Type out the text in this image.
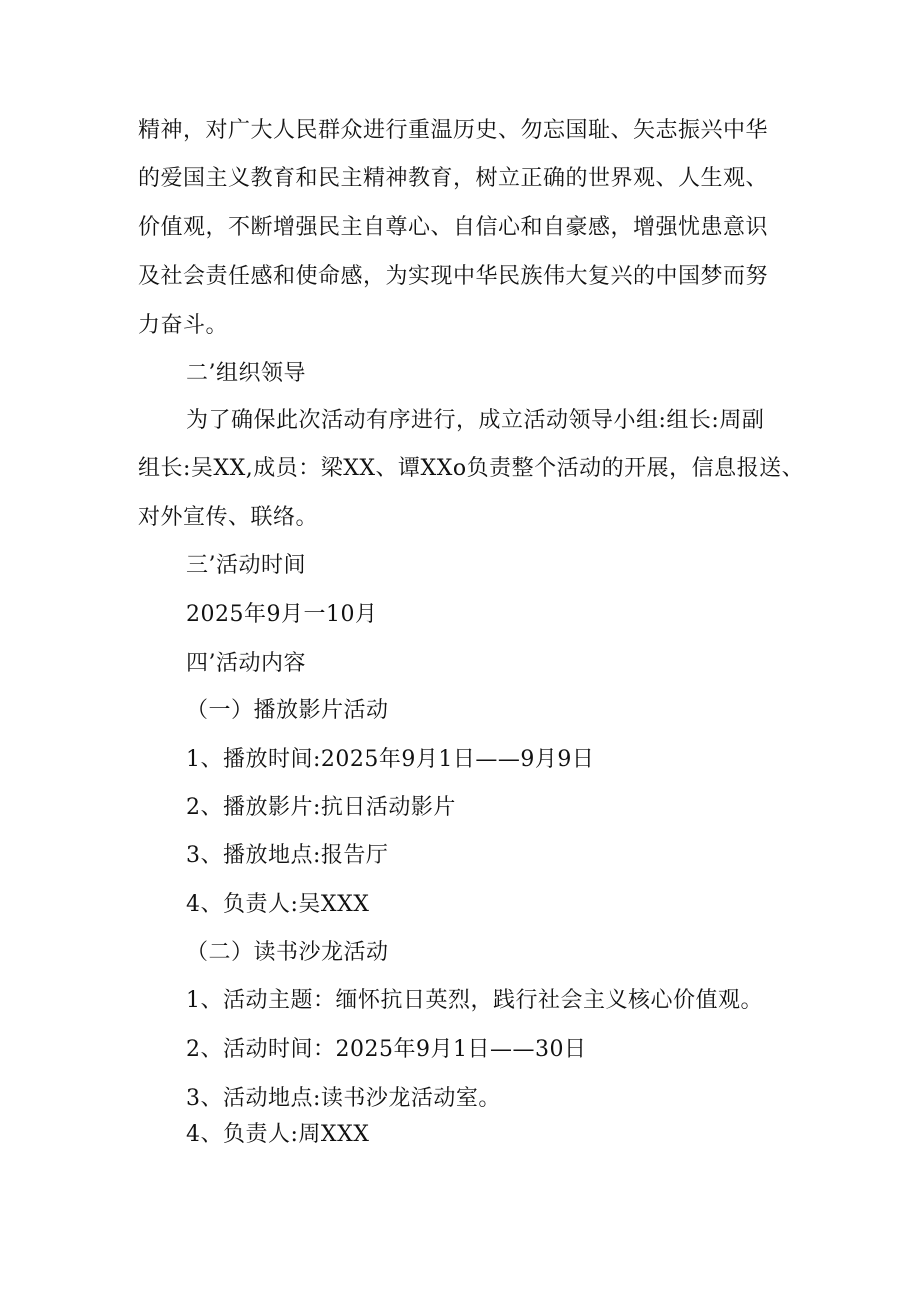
精神，对广大人民群众进行重温历史、勿忘国耻、矢志振兴中华
的爱国主义教育和民主精神教育，树立正确的世界观、人生观、
价值观，不断增强民主自尊心、自信心和自豪感，增强忧患意识
及社会责任感和使命感，为实现中华民族伟大复兴的中国梦而努
力奋斗。
二’组织领导
为了确保此次活动有序进行，成立活动领导小组:组长:周副
组长:吴XX,成员：梁XX、谭XXo负责整个活动的开展，信息报送、
对外宣传、联络。
三’活动时间
2025年9月一10月
四’活动内容
（一）播放影片活动
1、播放时间:2025年9月1日——9月9日
2、播放影片:抗日活动影片
3、播放地点:报告厅
4、负责人:吴XXX
（二）读书沙龙活动
1、活动主题：缅怀抗日英烈，践行社会主义核心价值观。
2、活动时间：2025年9月1日——30日
3、活动地点:读书沙龙活动室。
4、负责人:周XXX
